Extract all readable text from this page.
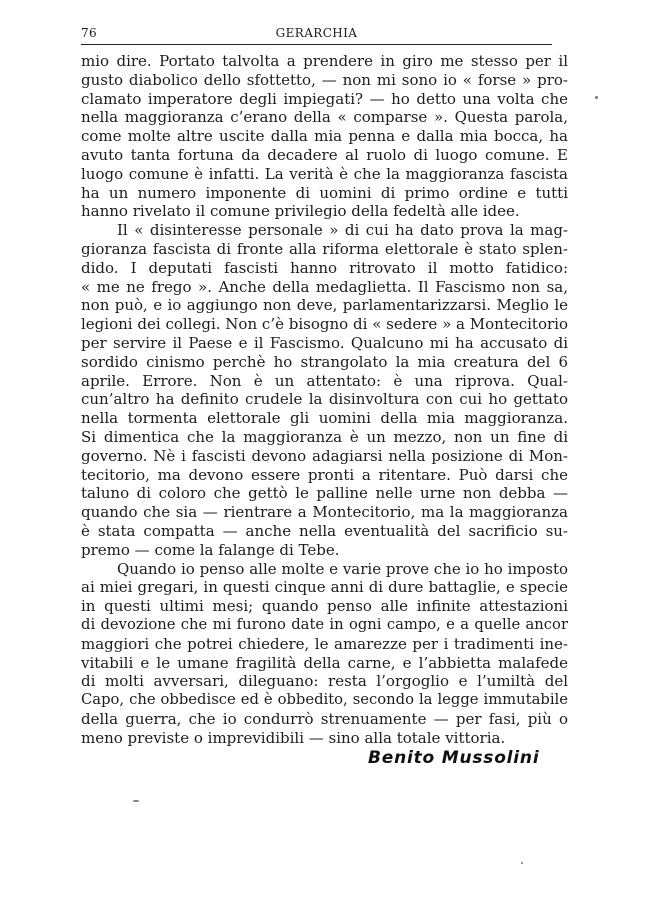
76	GERARCHIA
mio dire. Portato talvolta a prendere in giro me stesso per il
gusto diabolico dello sfottetto, — non mi sono io « forse » pro-
clamato imperatore degli impiegati? — ho detto una volta che
nella maggioranza c’erano della « comparse ». Questa parola,
come molte altre uscite dalla mia penna e dalla mia bocca, ha
avuto tanta fortuna da decadere al ruolo di luogo comune. E
luogo comune è infatti. La verità è che la maggioranza fascista
ha un numero imponente di uomini di primo ordine e tutti
hanno rivelato il comune privilegio della fedeltà alle idee.
Il « disinteresse personale » di cui ha dato prova la mag-
gioranza fascista di fronte alla riforma elettorale è stato splen-
dido. I deputati fascisti hanno ritrovato il motto fatidico:
« me ne frego ». Anche della medaglietta. Il Fascismo non sa,
non può, e io aggiungo non deve, parlamentarizzarsi. Meglio le
legioni dei collegi. Non c’è bisogno di « sedere » a Montecitorio
per servire il Paese e il Fascismo. Qualcuno mi ha accusato di
sordido cinismo perchè ho strangolato la mia creatura del 6
aprile. Errore. Non è un attentato: è una riprova. Qual-
cun’altro ha definito crudele la disinvoltura con cui ho gettato
nella tormenta elettorale gli uomini della mia maggioranza.
Si dimentica che la maggioranza è un mezzo, non un fine di
governo. Nè i fascisti devono adagiarsi nella posizione di Mon-
tecitorio, ma devono essere pronti a ritentare. Può darsi che
taluno di coloro che gettò le palline nelle urne non debba —
quando che sia — rientrare a Montecitorio, ma la maggioranza
è stata compatta — anche nella eventualità del sacrificio su-
premo — come la falange di Tebe.
Quando io penso alle molte e varie prove che io ho imposto
ai miei gregari, in questi cinque anni di dure battaglie, e specie
in questi ultimi mesi; quando penso alle infinite attestazioni
di devozione che mi furono date in ogni campo, e a quelle ancor
maggiori che potrei chiedere, le amarezze per i tradimenti ine-
vitabili e le umane fragilità della carne, e l’abbietta malafede
di molti avversari, dileguano: resta l’orgoglio e l’umiltà del
Capo, che obbedisce ed è obbedito, secondo la legge immutabile
della guerra, che io condurrò strenuamente — per fasi, più o
meno previste o imprevidibili — sino alla totale vittoria.
Benito Mussolini
